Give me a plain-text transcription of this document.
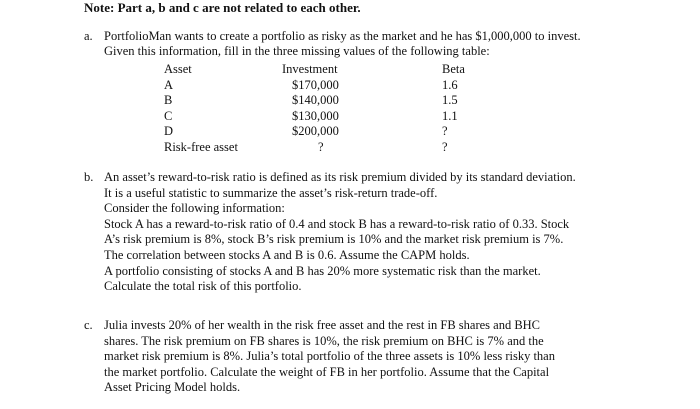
Note: Part a, b and c are not related to each other.
a. PortfolioMan wants to create a portfolio as risky as the market and he has $1,000,000 to invest.
Given this information, fill in the three missing values of the following table:
Asset	Investment	Beta
A	$170,000	1.6
B	$140,000	1.5
C	$130,000	1.1
D	$200,000	?
Risk-free asset	?	?
b. An asset’s reward-to-risk ratio is defined as its risk premium divided by its standard deviation.
It is a useful statistic to summarize the asset’s risk-return trade-off.
Consider the following information:
Stock A has a reward-to-risk ratio of 0.4 and stock B has a reward-to-risk ratio of 0.33. Stock
A’s risk premium is 8%, stock B’s risk premium is 10% and the market risk premium is 7%.
The correlation between stocks A and B is 0.6. Assume the CAPM holds.
A portfolio consisting of stocks A and B has 20% more systematic risk than the market.
Calculate the total risk of this portfolio.
c. Julia invests 20% of her wealth in the risk free asset and the rest in FB shares and BHC
shares. The risk premium on FB shares is 10%, the risk premium on BHC is 7% and the
market risk premium is 8%. Julia’s total portfolio of the three assets is 10% less risky than
the market portfolio. Calculate the weight of FB in her portfolio. Assume that the Capital
Asset Pricing Model holds.
